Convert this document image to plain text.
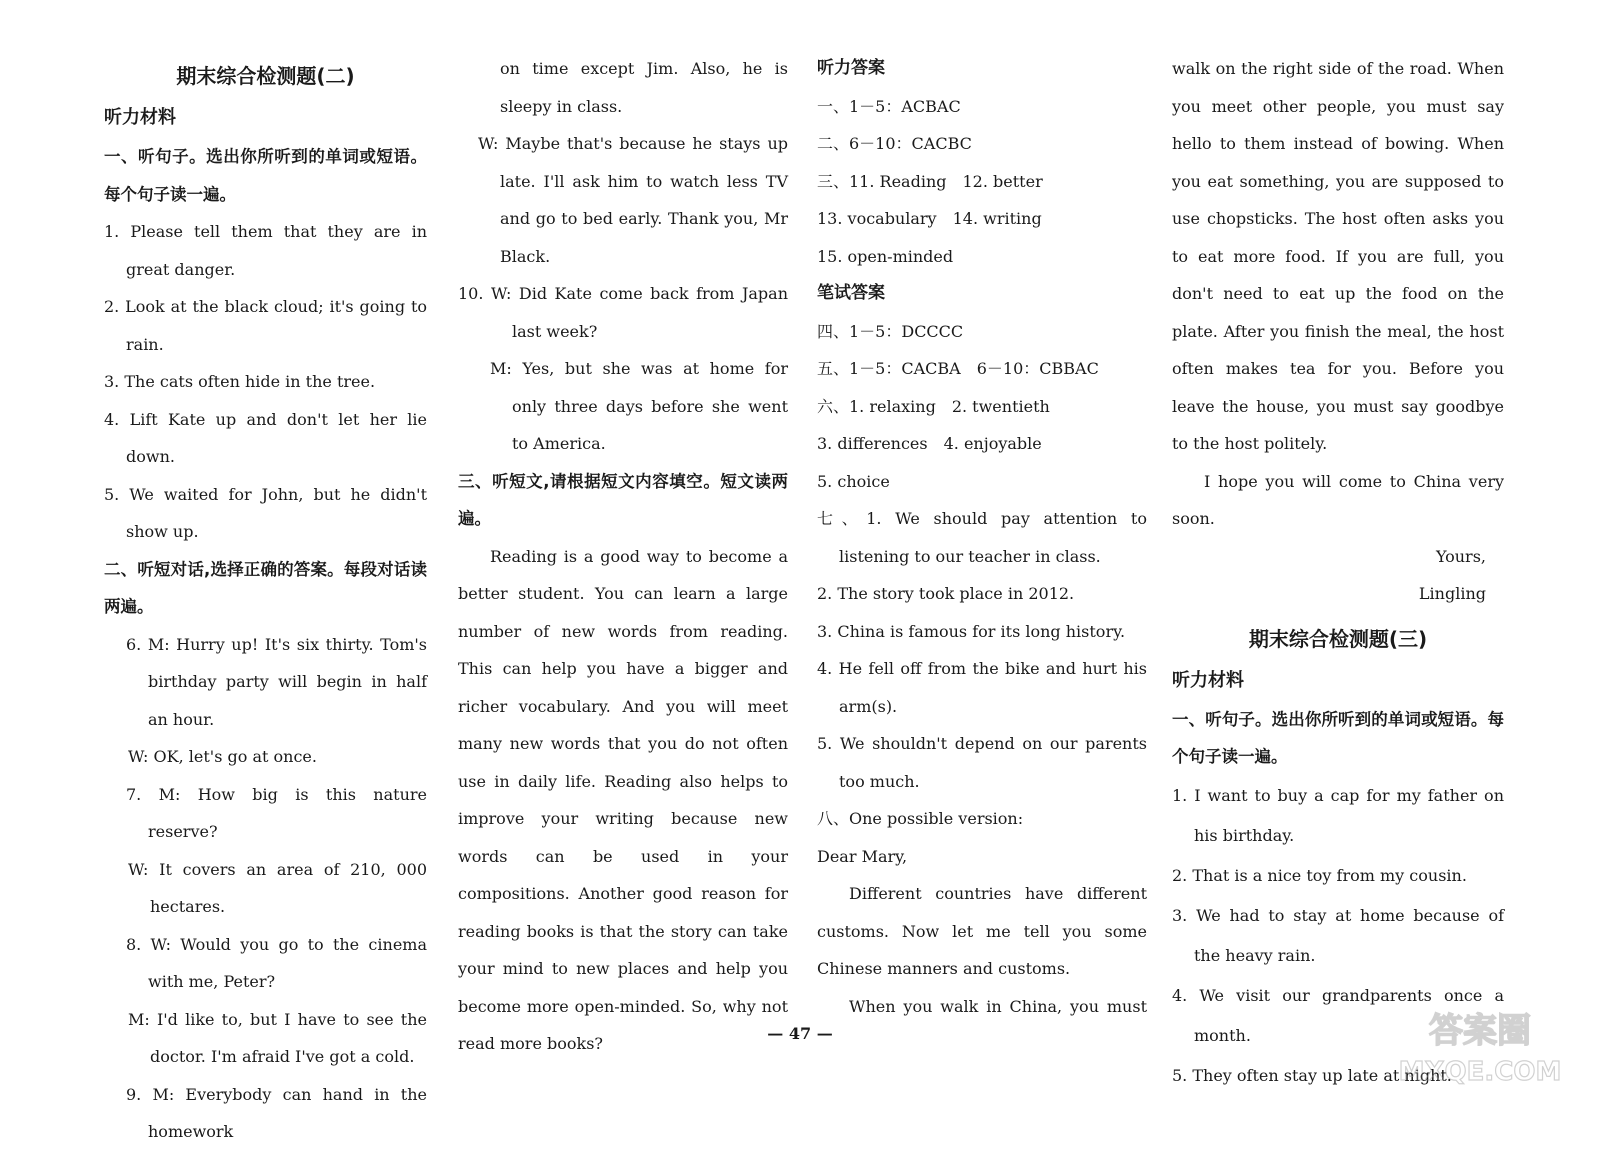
期末综合检测题(二)
听力材料
一、听句子。选出你所听到的单词或短语。每个句子读一遍。
1. Please tell them that they are in great danger.
2. Look at the black cloud; it's going to rain.
3. The cats often hide in the tree.
4. Lift Kate up and don't let her lie down.
5. We waited for John, but he didn't show up.
二、听短对话,选择正确的答案。每段对话读两遍。
6. M: Hurry up! It's six thirty. Tom's birthday party will begin in half an hour.
W: OK, let's go at once.
7. M: How big is this nature reserve?
W: It covers an area of 210, 000 hectares.
8. W: Would you go to the cinema with me, Peter?
M: I'd like to, but I have to see the doctor. I'm afraid I've got a cold.
9. M: Everybody can hand in the homework
on time except Jim. Also, he is sleepy in class.
W: Maybe that's because he stays up late. I'll ask him to watch less TV and go to bed early. Thank you, Mr Black.
10. W: Did Kate come back from Japan last week?
M: Yes, but she was at home for only three days before she went to America.
三、听短文,请根据短文内容填空。短文读两遍。
Reading is a good way to become a better student. You can learn a large number of new words from reading. This can help you have a bigger and richer vocabulary. And you will meet many new words that you do not often use in daily life. Reading also helps to improve your writing because new words can be used in your compositions. Another good reason for reading books is that the story can take your mind to new places and help you become more open-minded. So, why not read more books?
听力答案
一、1－5：ACBAC
二、6－10：CACBC
三、11. Reading　12. better
13. vocabulary　14. writing
15. open-minded
笔试答案
四、1－5：DCCCC
五、1－5：CACBA　6－10：CBBAC
六、1. relaxing　2. twentieth
3. differences　4. enjoyable
5. choice
七、1. We should pay attention to listening to our teacher in class.
2. The story took place in 2012.
3. China is famous for its long history.
4. He fell off from the bike and hurt his arm(s).
5. We shouldn't depend on our parents too much.
八、One possible version:
Dear Mary,
Different countries have different customs. Now let me tell you some Chinese manners and customs.
When you walk in China, you must
walk on the right side of the road. When you meet other people, you must say hello to them instead of bowing. When you eat something, you are supposed to use chopsticks. The host often asks you to eat more food. If you are full, you don't need to eat up the food on the plate. After you finish the meal, the host often makes tea for you. Before you leave the house, you must say goodbye to the host politely.
I hope you will come to China very soon.
Yours,
Lingling
期末综合检测题(三)
听力材料
一、听句子。选出你所听到的单词或短语。每个句子读一遍。
1. I want to buy a cap for my father on his birthday.
2. That is a nice toy from my cousin.
3. We had to stay at home because of the heavy rain.
4. We visit our grandparents once a month.
5. They often stay up late at night.
— 47 —	答案圈
MXQE.COM
